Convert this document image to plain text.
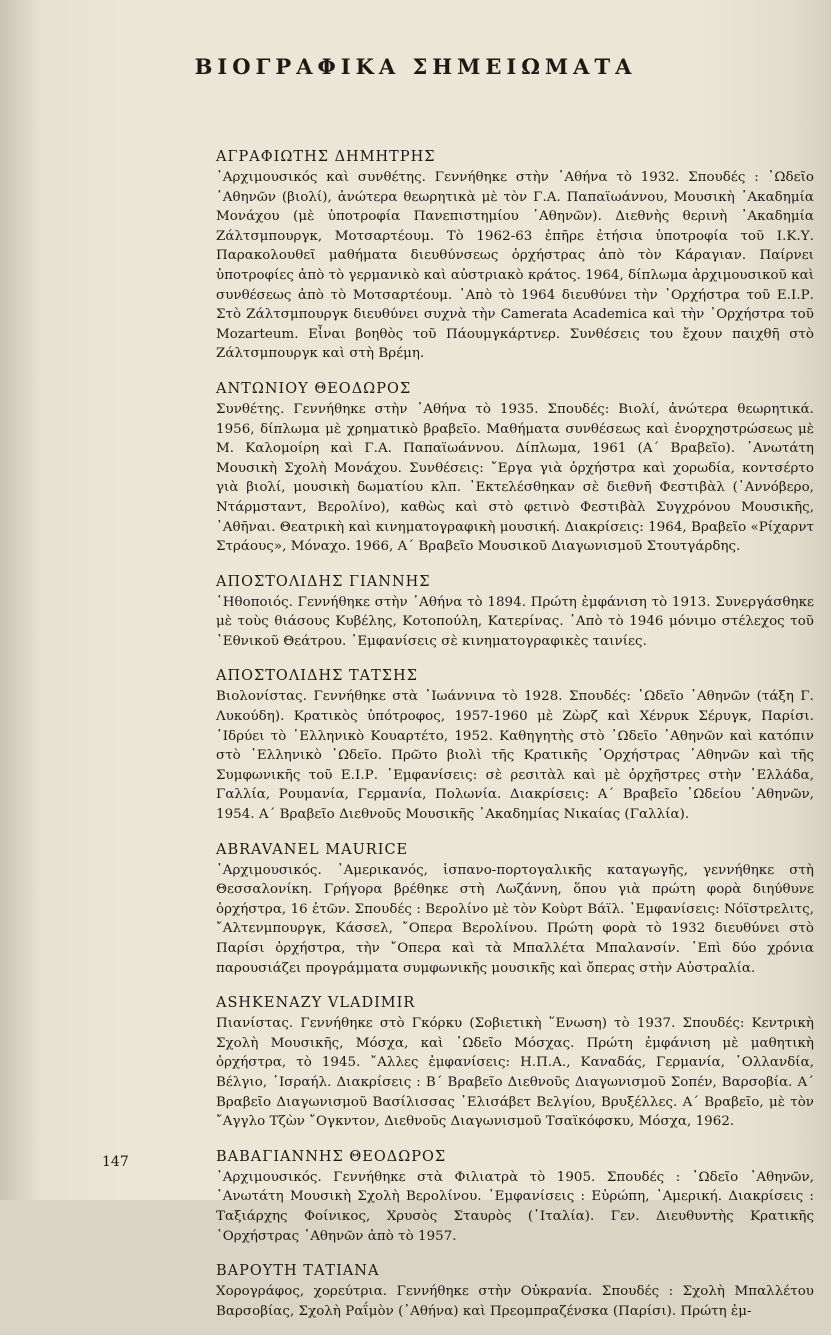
ΒΙΟΓΡΑΦΙΚΑ ΣΗΜΕΙΩΜΑΤΑ
ΑΓΡΑΦΙΩΤΗΣ ΔΗΜΗΤΡΗΣ
᾿Αρχιμουσικός καὶ συνθέτης. Γεννήθηκε στὴν ᾿Αθήνα τὸ 1932. Σπουδές : ᾿Ωδεῖο ᾿Αθηνῶν (βιολί), ἀνώτερα θεωρητικὰ μὲ τὸν Γ.Α. Παπαϊωάννου, Μουσικὴ ᾿Ακαδημία Μονάχου (μὲ ὑποτροφία Πανεπιστημίου ᾿Αθηνῶν). Διεθνὴς θερινὴ ᾿Ακαδημία Ζάλτσμπουργκ, Μοτσαρτέουμ. Τὸ 1962-63 ἐπῆρε ἐτήσια ὑποτροφία τοῦ Ι.Κ.Υ. Παρακολουθεῖ μαθήματα διευθύνσεως ὀρχήστρας ἀπὸ τὸν Κάραγιαν. Παίρνει ὑποτροφίες ἀπὸ τὸ γερμανικὸ καὶ αὐστριακὸ κράτος. 1964, δίπλωμα ἀρχιμουσικοῦ καὶ συνθέσεως ἀπὸ τὸ Μοτσαρτέουμ. ᾿Απὸ τὸ 1964 διευθύνει τὴν ᾿Ορχήστρα τοῦ Ε.Ι.Ρ. Στὸ Ζάλτσμπουργκ διευθύνει συχνὰ τὴν Camerata Academica καὶ τὴν ᾿Ορχήστρα τοῦ Mozarteum. Εἶναι βοηθὸς τοῦ Πάουμγκάρτνερ. Συνθέσεις του ἔχουν παιχθῆ στὸ Ζάλτσμπουργκ καὶ στὴ Βρέμη.
ΑΝΤΩΝΙΟΥ ΘΕΟΔΩΡΟΣ
Συνθέτης. Γεννήθηκε στὴν ᾿Αθήνα τὸ 1935. Σπουδές: Βιολί, ἀνώτερα θεωρητικά. 1956, δίπλωμα μὲ χρηματικὸ βραβεῖο. Μαθήματα συνθέσεως καὶ ἐνορχηστρώσεως μὲ Μ. Καλομοίρη καὶ Γ.Α. Παπαϊωάννου. Δίπλωμα, 1961 (Α΄ Βραβεῖο). ᾿Ανωτάτη Μουσικὴ Σχολὴ Μονάχου. Συνθέσεις: ῎Εργα γιὰ ὀρχήστρα καὶ χορωδία, κοντσέρτο γιὰ βιολί, μουσικὴ δωματίου κλπ. ᾿Εκτελέσθηκαν σὲ διεθνῆ Φεστιβὰλ (᾿Αννόβερο, Ντάρμσταντ, Βερολίνο), καθὼς καὶ στὸ φετινὸ Φεστιβὰλ Συγχρόνου Μουσικῆς, ᾿Αθῆναι. Θεατρικὴ καὶ κινηματογραφικὴ μουσική. Διακρίσεις: 1964, Βραβεῖο «Ρίχαρντ Στράους», Μόναχο. 1966, Α΄ Βραβεῖο Μουσικοῦ Διαγωνισμοῦ Στουτγάρδης.
ΑΠΟΣΤΟΛΙΔΗΣ ΓΙΑΝΝΗΣ
῾Ηθοποιός. Γεννήθηκε στὴν ᾿Αθήνα τὸ 1894. Πρώτη ἐμφάνιση τὸ 1913. Συνεργάσθηκε μὲ τοὺς θιάσους Κυβέλης, Κοτοπούλη, Κατερίνας. ᾿Απὸ τὸ 1946 μόνιμο στέλεχος τοῦ ᾿Εθνικοῦ Θεάτρου. ᾿Εμφανίσεις σὲ κινηματογραφικὲς ταινίες.
ΑΠΟΣΤΟΛΙΔΗΣ ΤΑΤΣΗΣ
Βιολονίστας. Γεννήθηκε στὰ ᾿Ιωάννινα τὸ 1928. Σπουδές: ᾿Ωδεῖο ᾿Αθηνῶν (τάξη Γ. Λυκούδη). Κρατικὸς ὑπότροφος, 1957-1960 μὲ Ζὼρζ καὶ Χένρυκ Σέρυγκ, Παρίσι. ῾Ιδρύει τὸ ῾Ελληνικὸ Κουαρτέτο, 1952. Καθηγητὴς στὸ ᾿Ωδεῖο ᾿Αθηνῶν καὶ κατόπιν στὸ ῾Ελληνικὸ ᾿Ωδεῖο. Πρῶτο βιολὶ τῆς Κρατικῆς ᾿Ορχήστρας ᾿Αθηνῶν καὶ τῆς Συμφωνικῆς τοῦ Ε.Ι.Ρ. ᾿Εμφανίσεις: σὲ ρεσιτὰλ καὶ μὲ ὀρχῆστρες στὴν ῾Ελλάδα, Γαλλία, Ρουμανία, Γερμανία, Πολωνία. Διακρίσεις: Α΄ Βραβεῖο ᾿Ωδείου ᾿Αθηνῶν, 1954. Α΄ Βραβεῖο Διεθνοῦς Μουσικῆς ᾿Ακαδημίας Νικαίας (Γαλλία).
ABRAVANEL MAURICE
᾿Αρχιμουσικός. ᾿Αμερικανός, ἱσπανο-πορτογαλικῆς καταγωγῆς, γεννήθηκε στὴ Θεσσαλονίκη. Γρήγορα βρέθηκε στὴ Λωζάννη, ὅπου γιὰ πρώτη φορὰ διηύθυνε ὀρχήστρα, 16 ἐτῶν. Σπουδές : Βερολίνο μὲ τὸν Κοὺρτ Βάϊλ. ᾿Εμφανίσεις: Νόϊστρελιτς, ῎Αλτενμπουργκ, Κάσσελ, ῎Οπερα Βερολίνου. Πρώτη φορὰ τὸ 1932 διευθύνει στὸ Παρίσι ὀρχήστρα, τὴν ῎Οπερα καὶ τὰ Μπαλλέτα Μπαλανσίν. ᾿Επὶ δύο χρόνια παρουσιάζει προγράμματα συμφωνικῆς μουσικῆς καὶ ὄπερας στὴν Αὐστραλία.
ASHKENAZY VLADIMIR
Πιανίστας. Γεννήθηκε στὸ Γκόρκυ (Σοβιετικὴ ῞Ενωση) τὸ 1937. Σπουδές: Κεντρικὴ Σχολὴ Μουσικῆς, Μόσχα, καὶ ᾿Ωδεῖο Μόσχας. Πρώτη ἐμφάνιση μὲ μαθητικὴ ὀρχήστρα, τὸ 1945. ῎Αλλες ἐμφανίσεις: Η.Π.Α., Καναδάς, Γερμανία, ῾Ολλανδία, Βέλγιο, ᾿Ισραήλ. Διακρίσεις : Β΄ Βραβεῖο Διεθνοῦς Διαγωνισμοῦ Σοπέν, Βαρσοβία. Α΄ Βραβεῖο Διαγωνισμοῦ Βασίλισσας ᾿Ελισάβετ Βελγίου, Βρυξέλλες. Α΄ Βραβεῖο, μὲ τὸν ῎Αγγλο Τζὼν ῎Ογκντον, Διεθνοῦς Διαγωνισμοῦ Τσαϊκόφσκυ, Μόσχα, 1962.
ΒΑΒΑΓΙΑΝΝΗΣ ΘΕΟΔΩΡΟΣ
᾿Αρχιμουσικός. Γεννήθηκε στὰ Φιλιατρὰ τὸ 1905. Σπουδές : ᾿Ωδεῖο ᾿Αθηνῶν, ᾿Ανωτάτη Μουσικὴ Σχολὴ Βερολίνου. ᾿Εμφανίσεις : Εὐρώπη, ᾿Αμερική. Διακρίσεις : Ταξιάρχης Φοίνικος, Χρυσὸς Σταυρὸς (᾿Ιταλία). Γεν. Διευθυντὴς Κρατικῆς ᾿Ορχήστρας ᾿Αθηνῶν ἀπὸ τὸ 1957.
ΒΑΡΟΥΤΗ ΤΑΤΙΑΝΑ
Χορογράφος, χορεύτρια. Γεννήθηκε στὴν Οὐκρανία. Σπουδές : Σχολὴ Μπαλλέτου Βαρσοβίας, Σχολὴ Ραΐμὸν (᾿Αθήνα) καὶ Πρεομπραζένσκα (Παρίσι). Πρώτη ἐμ-
147
